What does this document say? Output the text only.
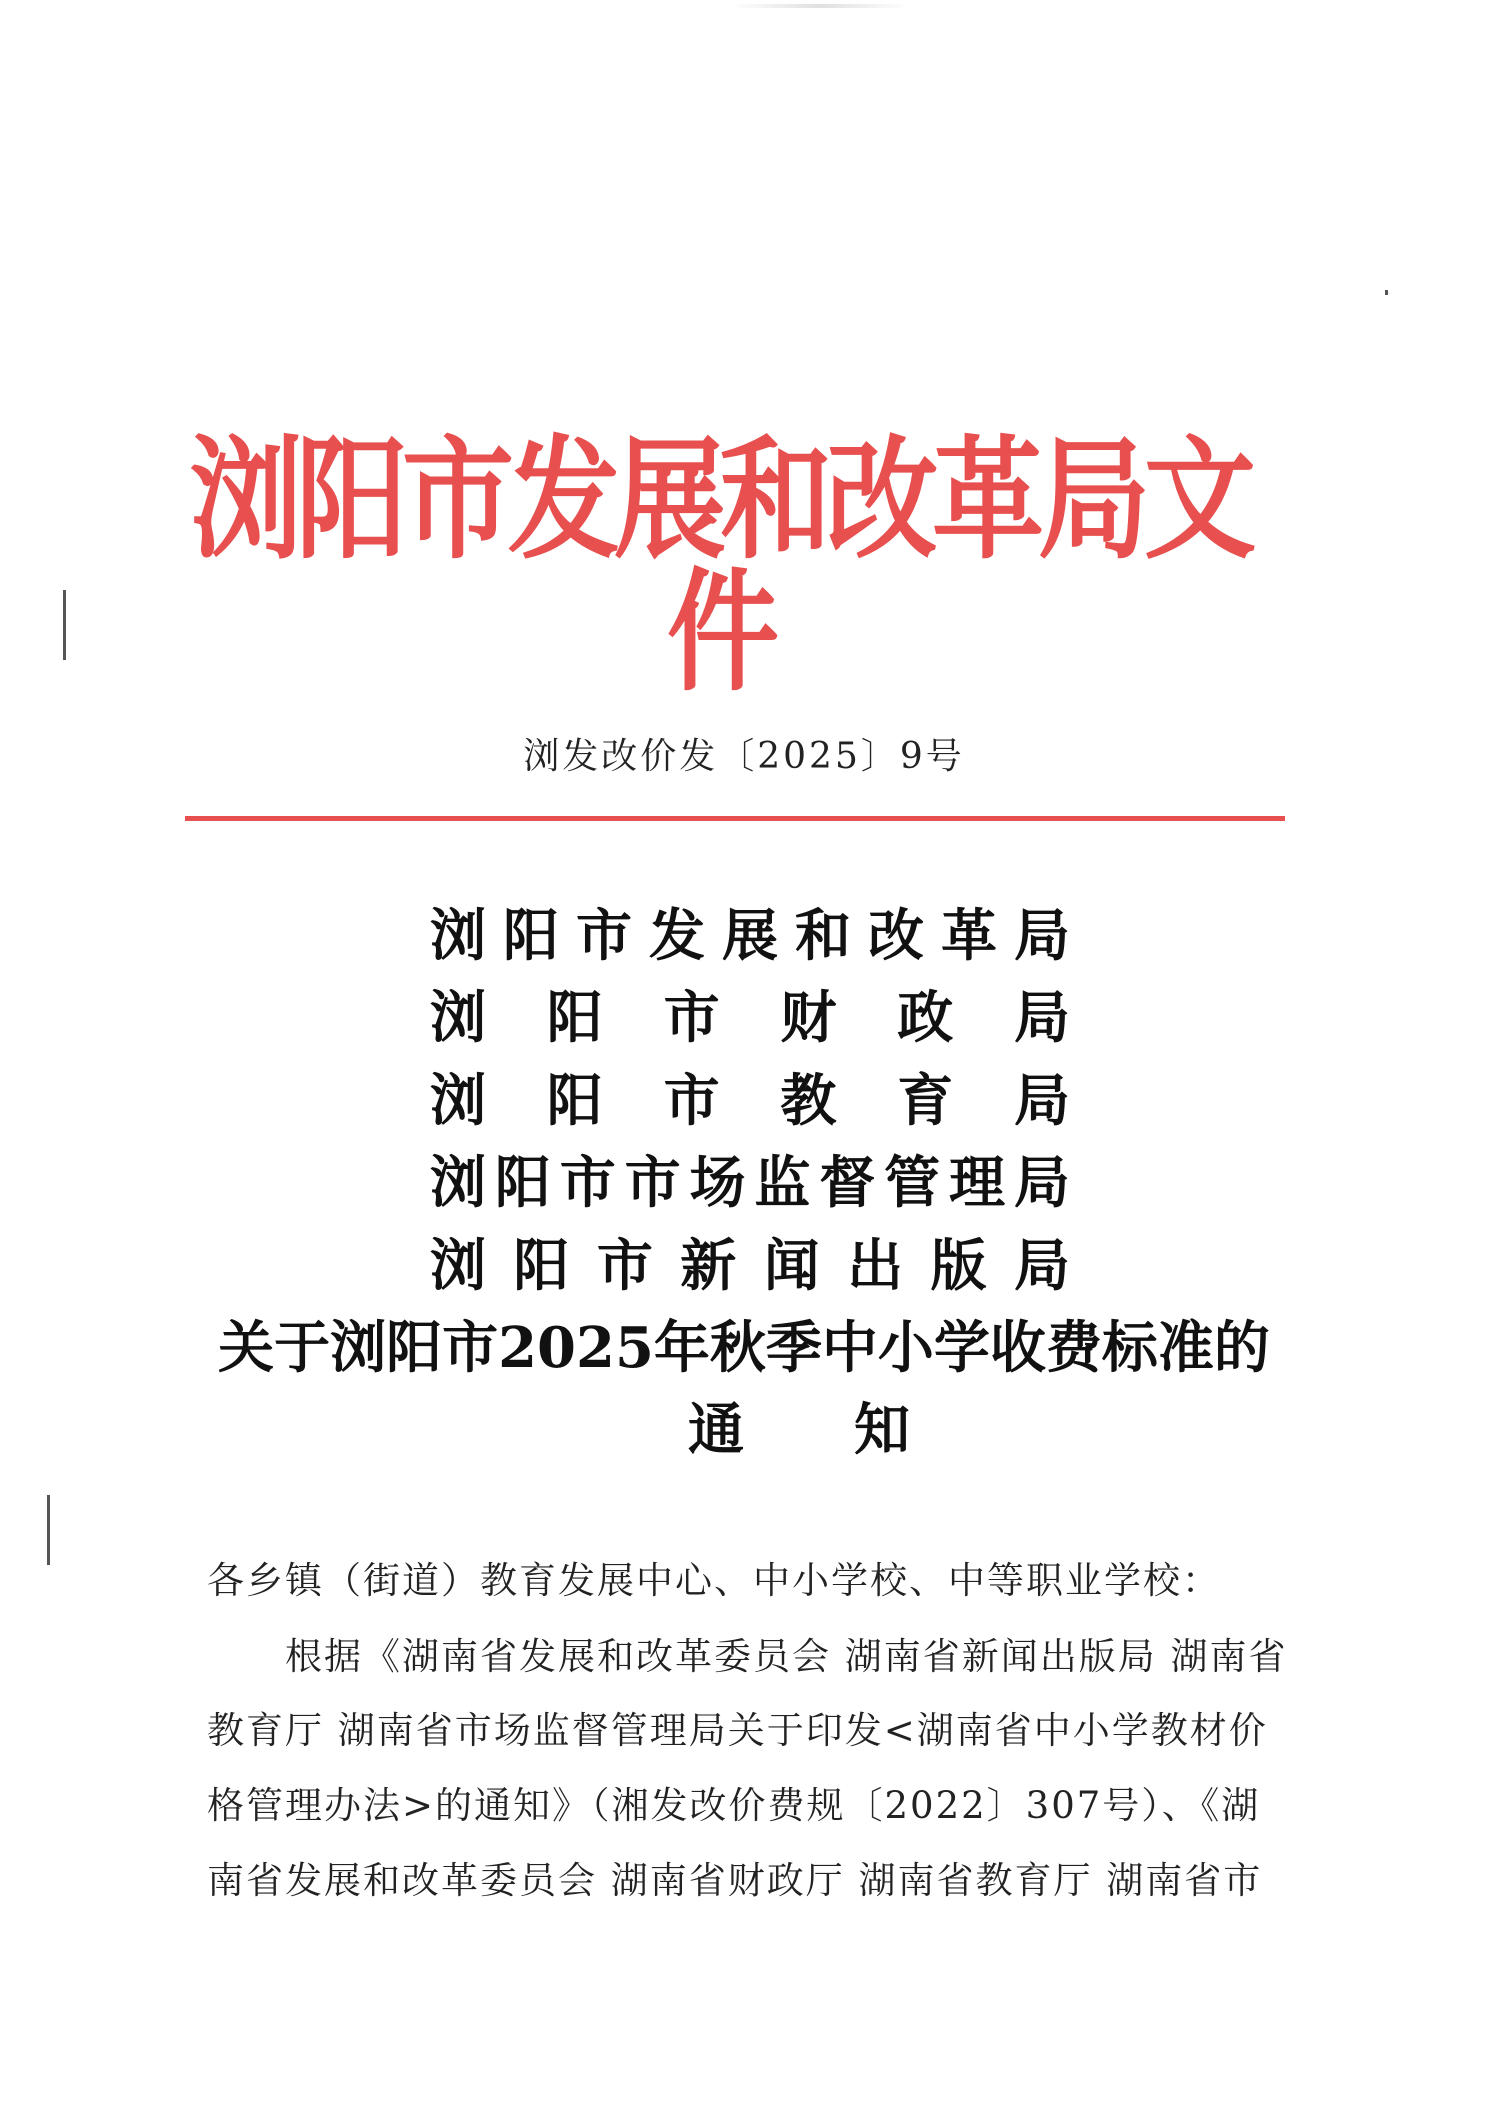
浏阳市发展和改革局文件
浏发改价发〔2025〕9号
浏 阳 市 发 展 和 改 革 局
浏 阳 市 财 政 局
浏 阳 市 教 育 局
浏 阳 市 市 场 监 督 管 理 局
浏 阳 市 新 闻 出 版 局
关于浏阳市2025年秋季中小学收费标准的
通知
各乡镇（街道）教育发展中心、中小学校、中等职业学校：
根据《湖南省发展和改革委员会 湖南省新闻出版局 湖南省
教育厅 湖南省市场监督管理局关于印发<湖南省中小学教材价
格管理办法>的通知》（湘发改价费规〔2022〕307号）、《湖
南省发展和改革委员会 湖南省财政厅 湖南省教育厅 湖南省市
